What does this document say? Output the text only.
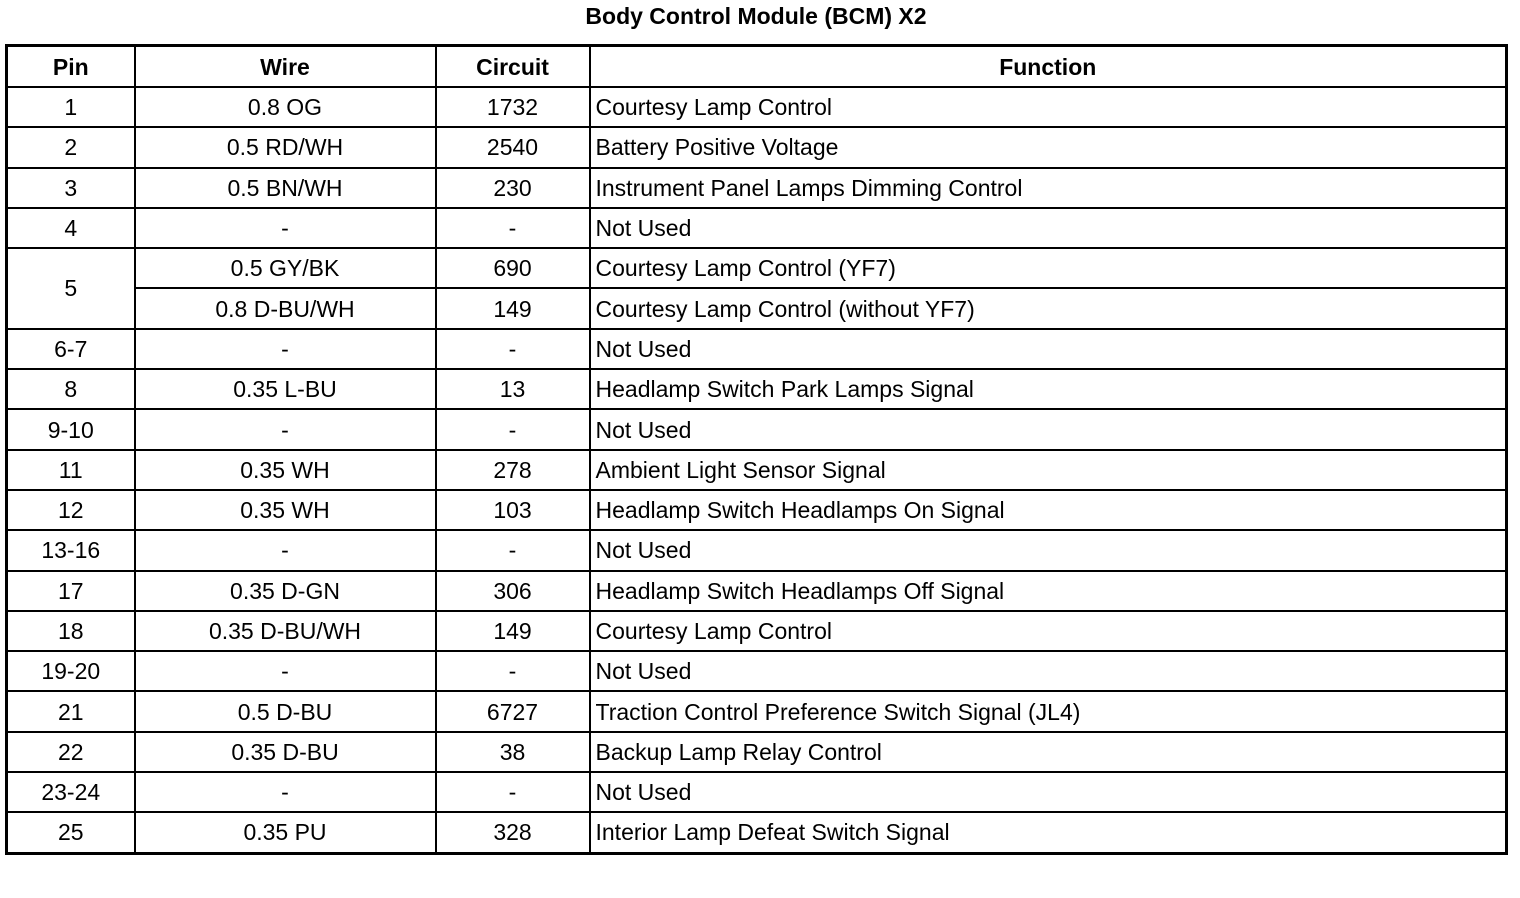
Body Control Module (BCM) X2
Pin	Wire	Circuit	Function
1	0.8 OG	1732	Courtesy Lamp Control
2	0.5 RD/WH	2540	Battery Positive Voltage
3	0.5 BN/WH	230	Instrument Panel Lamps Dimming Control
4	-	-	Not Used
5	0.5 GY/BK	690	Courtesy Lamp Control (YF7)
	0.8 D-BU/WH	149	Courtesy Lamp Control (without YF7)
6-7	-	-	Not Used
8	0.35 L-BU	13	Headlamp Switch Park Lamps Signal
9-10	-	-	Not Used
11	0.35 WH	278	Ambient Light Sensor Signal
12	0.35 WH	103	Headlamp Switch Headlamps On Signal
13-16	-	-	Not Used
17	0.35 D-GN	306	Headlamp Switch Headlamps Off Signal
18	0.35 D-BU/WH	149	Courtesy Lamp Control
19-20	-	-	Not Used
21	0.5 D-BU	6727	Traction Control Preference Switch Signal (JL4)
22	0.35 D-BU	38	Backup Lamp Relay Control
23-24	-	-	Not Used
25	0.35 PU	328	Interior Lamp Defeat Switch Signal
